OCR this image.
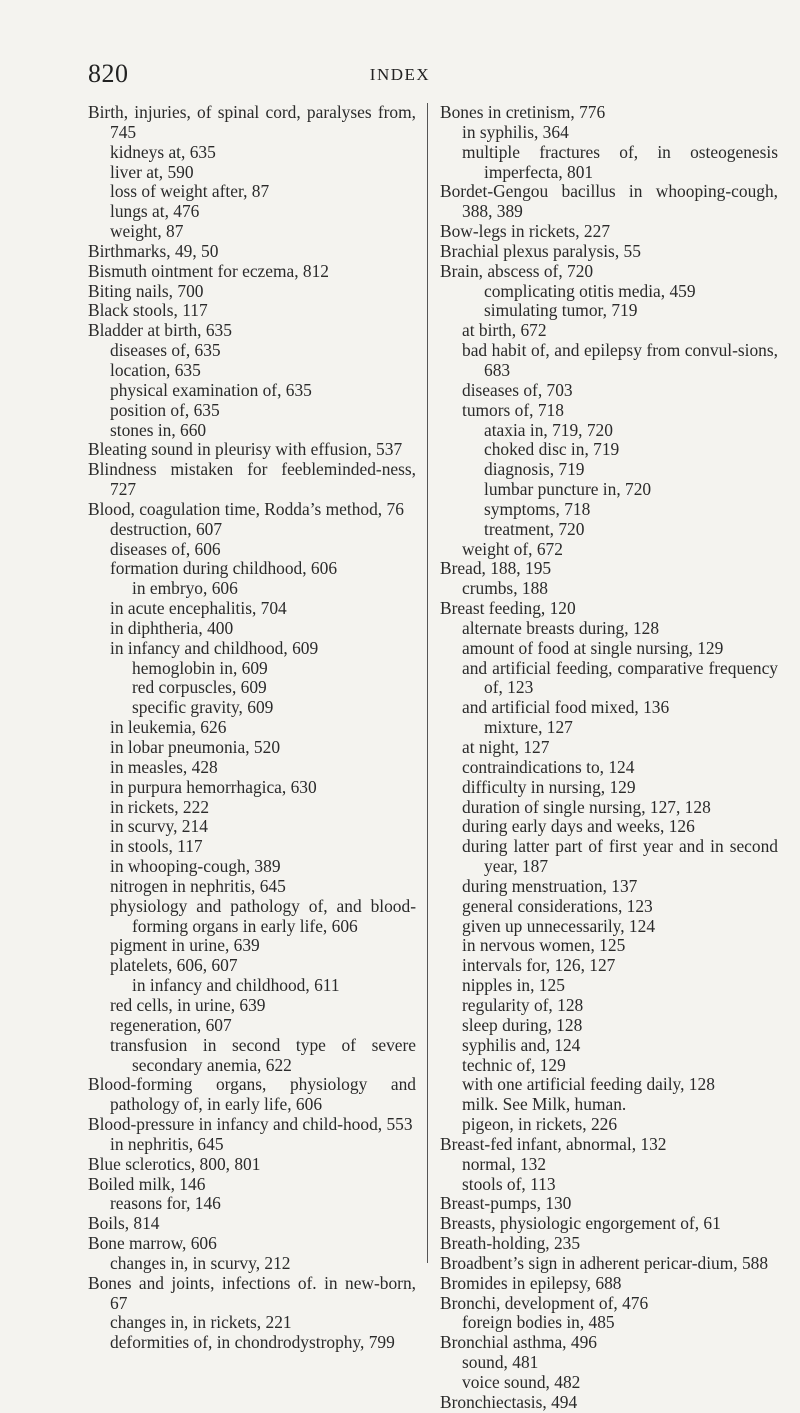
820	INDEX
Birth, injuries, of spinal cord, paralyses from, 745
kidneys at, 635
liver at, 590
loss of weight after, 87
lungs at, 476
weight, 87
Birthmarks, 49, 50
Bismuth ointment for eczema, 812
Biting nails, 700
Black stools, 117
Bladder at birth, 635
diseases of, 635
location, 635
physical examination of, 635
position of, 635
stones in, 660
Bleating sound in pleurisy with effusion, 537
Blindness mistaken for feebleminded-ness, 727
Blood, coagulation time, Rodda’s method, 76
destruction, 607
diseases of, 606
formation during childhood, 606
in embryo, 606
in acute encephalitis, 704
in diphtheria, 400
in infancy and childhood, 609
hemoglobin in, 609
red corpuscles, 609
specific gravity, 609
in leukemia, 626
in lobar pneumonia, 520
in measles, 428
in purpura hemorrhagica, 630
in rickets, 222
in scurvy, 214
in stools, 117
in whooping-cough, 389
nitrogen in nephritis, 645
physiology and pathology of, and blood-forming organs in early life, 606
pigment in urine, 639
platelets, 606, 607
in infancy and childhood, 611
red cells, in urine, 639
regeneration, 607
transfusion in second type of severe secondary anemia, 622
Blood-forming organs, physiology and pathology of, in early life, 606
Blood-pressure in infancy and child-hood, 553
in nephritis, 645
Blue sclerotics, 800, 801
Boiled milk, 146
reasons for, 146
Boils, 814
Bone marrow, 606
changes in, in scurvy, 212
Bones and joints, infections of. in new-born, 67
changes in, in rickets, 221
deformities of, in chondrodystrophy, 799
Bones in cretinism, 776
in syphilis, 364
multiple fractures of, in osteogenesis imperfecta, 801
Bordet-Gengou bacillus in whooping-cough, 388, 389
Bow-legs in rickets, 227
Brachial plexus paralysis, 55
Brain, abscess of, 720
complicating otitis media, 459
simulating tumor, 719
at birth, 672
bad habit of, and epilepsy from convul-sions, 683
diseases of, 703
tumors of, 718
ataxia in, 719, 720
choked disc in, 719
diagnosis, 719
lumbar puncture in, 720
symptoms, 718
treatment, 720
weight of, 672
Bread, 188, 195
crumbs, 188
Breast feeding, 120
alternate breasts during, 128
amount of food at single nursing, 129
and artificial feeding, comparative frequency of, 123
and artificial food mixed, 136
mixture, 127
at night, 127
contraindications to, 124
difficulty in nursing, 129
duration of single nursing, 127, 128
during early days and weeks, 126
during latter part of first year and in second year, 187
during menstruation, 137
general considerations, 123
given up unnecessarily, 124
in nervous women, 125
intervals for, 126, 127
nipples in, 125
regularity of, 128
sleep during, 128
syphilis and, 124
technic of, 129
with one artificial feeding daily, 128
milk. See Milk, human.
pigeon, in rickets, 226
Breast-fed infant, abnormal, 132
normal, 132
stools of, 113
Breast-pumps, 130
Breasts, physiologic engorgement of, 61
Breath-holding, 235
Broadbent’s sign in adherent pericar-dium, 588
Bromides in epilepsy, 688
Bronchi, development of, 476
foreign bodies in, 485
Bronchial asthma, 496
sound, 481
voice sound, 482
Bronchiectasis, 494
